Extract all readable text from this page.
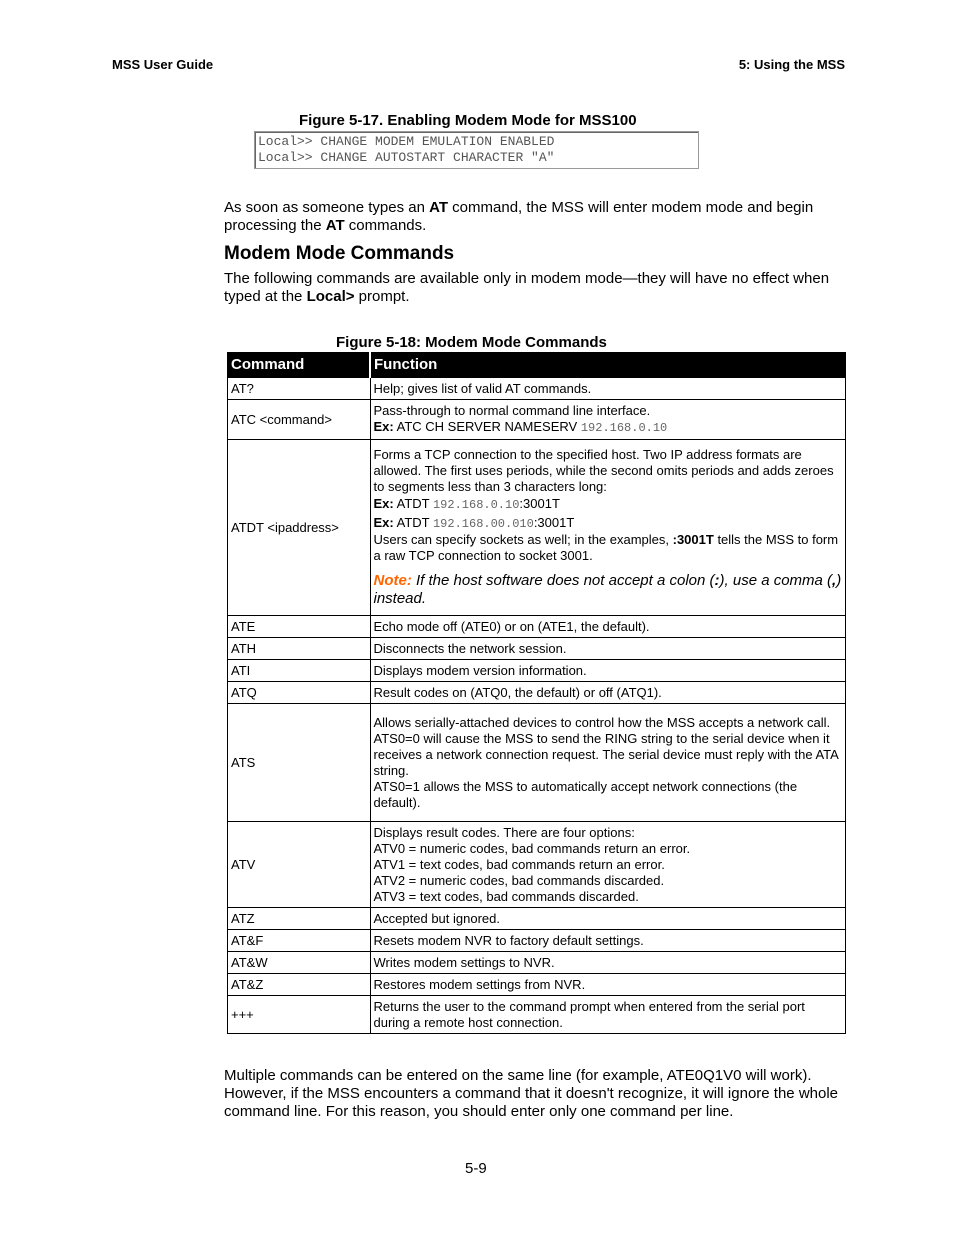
MSS User Guide	5: Using the MSS
Figure 5-17. Enabling Modem Mode for MSS100
Local>> CHANGE MODEM EMULATION ENABLED
Local>> CHANGE AUTOSTART CHARACTER "A"
As soon as someone types an AT command, the MSS will enter modem mode and begin processing the AT commands.
Modem Mode Commands
The following commands are available only in modem mode—they will have no effect when typed at the Local> prompt.
Figure 5-18: Modem Mode Commands
Command	Function
AT?	Help; gives list of valid AT commands.
ATC <command>	Pass-through to normal command line interface.
Ex: ATC CH SERVER NAMESERV 192.168.0.10

ATDT <ipaddress>	Forms a TCP connection to the specified host. Two IP address formats are allowed. The first uses periods, while the second omits periods and adds zeroes to segments less than 3 characters long:
Ex: ATDT 192.168.0.10:3001T
Ex: ATDT 192.168.00.010:3001T
Users can specify sockets as well; in the examples, :3001T tells the MSS to form a raw TCP connection to socket 3001.
Note: If the host software does not accept a colon (:), use a comma (,) instead.

ATE	Echo mode off (ATE0) or on (ATE1, the default).
ATH	Disconnects the network session.
ATI	Displays modem version information.
ATQ	Result codes on (ATQ0, the default) or off (ATQ1).
ATS	Allows serially-attached devices to control how the MSS accepts a network call.
ATS0=0 will cause the MSS to send the RING string to the serial device when it receives a network connection request. The serial device must reply with the ATA string.
ATS0=1 allows the MSS to automatically accept network connections (the default).

ATV	Displays result codes. There are four options:
ATV0 = numeric codes, bad commands return an error.
ATV1 = text codes, bad commands return an error.
ATV2 = numeric codes, bad commands discarded.
ATV3 = text codes, bad commands discarded.

ATZ	Accepted but ignored.
AT&F	Resets modem NVR to factory default settings.
AT&W	Writes modem settings to NVR.
AT&Z	Restores modem settings from NVR.
+++	Returns the user to the command prompt when entered from the serial port during a remote host connection.
Multiple commands can be entered on the same line (for example, ATE0Q1V0 will work). However, if the MSS encounters a command that it doesn't recognize, it will ignore the whole command line. For this reason, you should enter only one command per line.
5-9
